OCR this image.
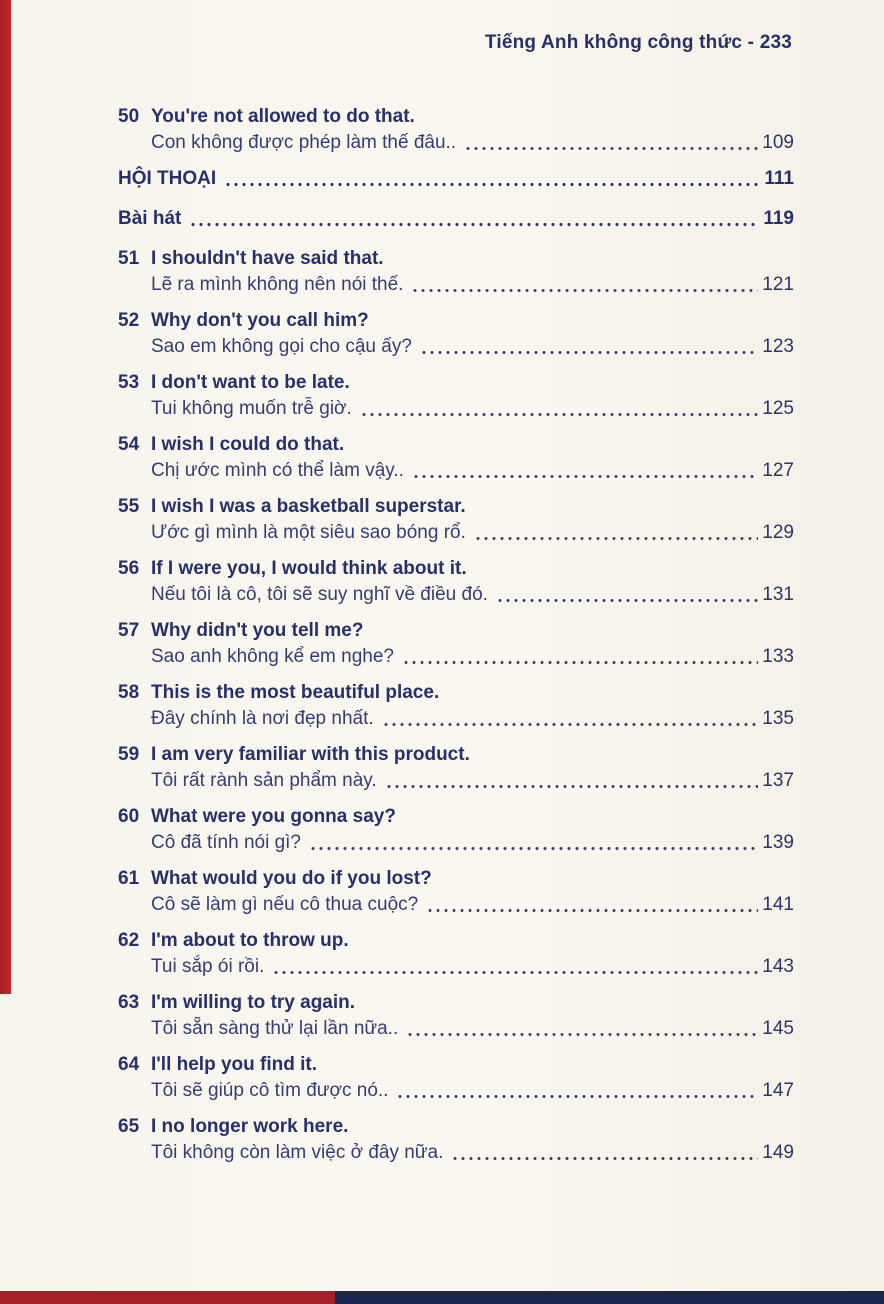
Tiếng Anh không công thức - 233
50 You're not allowed to do that.
Con không được phép làm thế đâu..	109
HỘI THOẠI	111
Bài hát	119
51 I shouldn't have said that.
Lẽ ra mình không nên nói thế.	121
52 Why don't you call him?
Sao em không gọi cho cậu ấy?	123
53 I don't want to be late.
Tui không muốn trễ giờ.	125
54 I wish I could do that.
Chị ước mình có thể làm vậy..	127
55 I wish I was a basketball superstar.
Ước gì mình là một siêu sao bóng rổ.	129
56 If I were you, I would think about it.
Nếu tôi là cô, tôi sẽ suy nghĩ về điều đó.	131
57 Why didn't you tell me?
Sao anh không kể em nghe?	133
58 This is the most beautiful place.
Đây chính là nơi đẹp nhất.	135
59 I am very familiar with this product.
Tôi rất rành sản phẩm này.	137
60 What were you gonna say?
Cô đã tính nói gì?	139
61 What would you do if you lost?
Cô sẽ làm gì nếu cô thua cuộc?	141
62 I'm about to throw up.
Tui sắp ói rồi.	143
63 I'm willing to try again.
Tôi sẵn sàng thử lại lần nữa..	145
64 I'll help you find it.
Tôi sẽ giúp cô tìm được nó..	147
65 I no longer work here.
Tôi không còn làm việc ở đây nữa.	149
